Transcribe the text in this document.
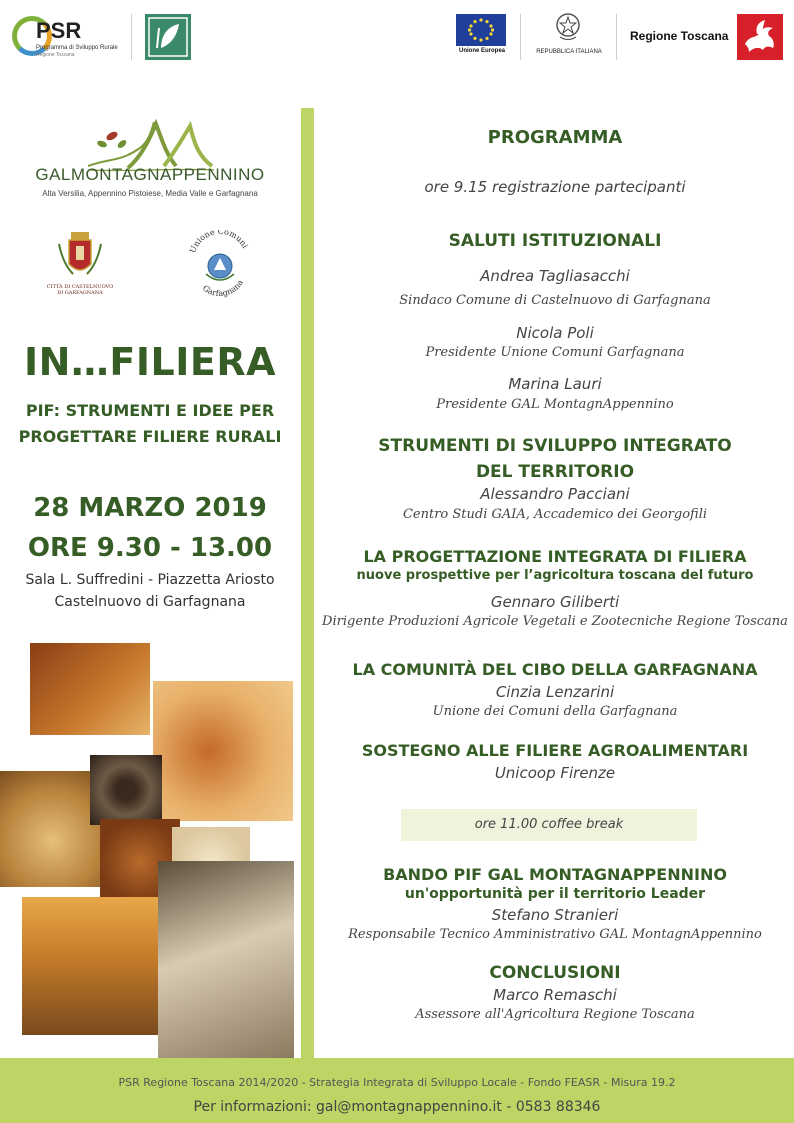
PSR
Programma di Sviluppo Rurale
Regione Toscana
Unione Europea	REPUBBLICA ITALIANA
Regione Toscana
GALMONTAGNAPPENNINO
Alta Versilia, Appennino Pistoiese, Media Valle e Garfagnana
CITTÀ DI CASTELNUOVO DI GARFAGNANA
Unione Comuni
Garfagnana
IN…FILIERA
PIF: STRUMENTI E IDEE PER
PROGETTARE FILIERE RURALI
28 MARZO 2019
ORE 9.30 - 13.00
Sala L. Suffredini - Piazzetta Ariosto
Castelnuovo di Garfagnana
PROGRAMMA
ore 9.15 registrazione partecipanti
SALUTI ISTITUZIONALI
Andrea Tagliasacchi
Sindaco Comune di Castelnuovo di Garfagnana
Nicola Poli
Presidente Unione Comuni Garfagnana
Marina Lauri
Presidente GAL MontagnAppennino
STRUMENTI DI SVILUPPO INTEGRATO
DEL TERRITORIO
Alessandro Pacciani
Centro Studi GAIA, Accademico dei Georgofili
LA PROGETTAZIONE INTEGRATA DI FILIERA
nuove prospettive per l’agricoltura toscana del futuro
Gennaro Giliberti
Dirigente Produzioni Agricole Vegetali e Zootecniche Regione Toscana
LA COMUNITÀ DEL CIBO DELLA GARFAGNANA
Cinzia Lenzarini
Unione dei Comuni della Garfagnana
SOSTEGNO ALLE FILIERE AGROALIMENTARI
Unicoop Firenze
ore 11.00 coffee break
BANDO PIF GAL MONTAGNAPPENNINO
un'opportunità per il territorio Leader
Stefano Stranieri
Responsabile Tecnico Amministrativo GAL MontagnAppennino
CONCLUSIONI
Marco Remaschi
Assessore all'Agricoltura Regione Toscana
PSR Regione Toscana 2014/2020 - Strategia Integrata di Sviluppo Locale - Fondo FEASR - Misura 19.2
Per informazioni: gal@montagnappennino.it - 0583 88346
